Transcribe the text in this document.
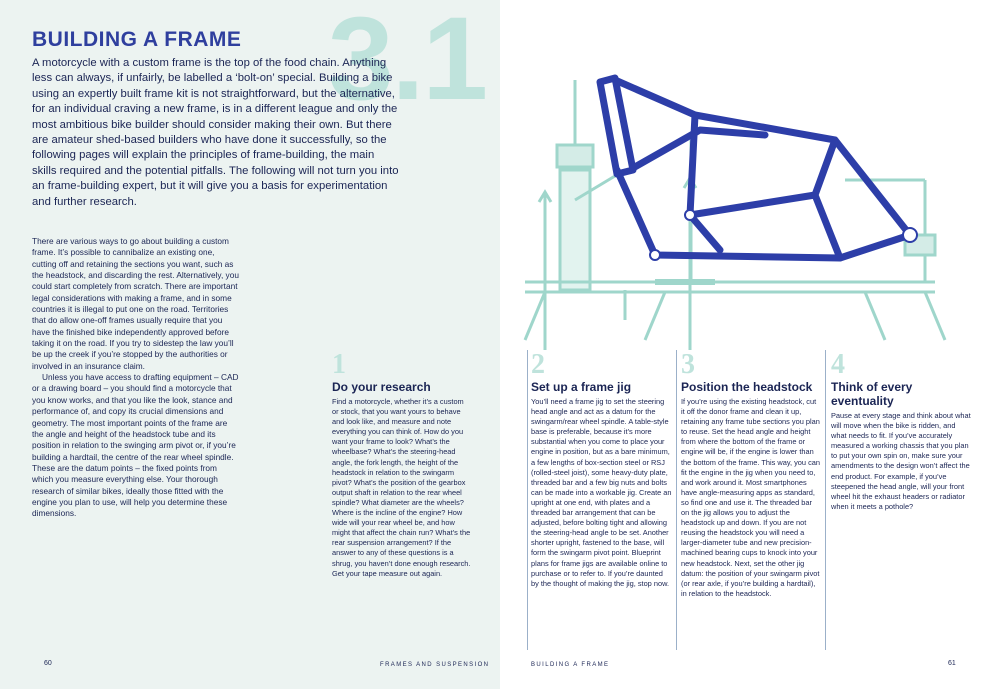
3.1
BUILDING A FRAME

A motorcycle with a custom frame is the top of the food chain. Anything less can always, if unfairly, be labelled a ‘bolt-on’ special. Building a bike using an expertly built frame kit is not straightforward, but the alternative, for an individual craving a new frame, is in a different league and only the most ambitious bike builder should consider making their own. But there are amateur shed-based builders who have done it successfully, so the following pages will explain the principles of frame-building, the main skills required and the potential pitfalls. The following will not turn you into an frame-building expert, but it will give you a basis for experimentation and further research.

There are various ways to go about building a custom frame. It’s possible to cannibalize an existing one, cutting off and retaining the sections you want, such as the headstock, and discarding the rest. Alternatively, you could start completely from scratch. There are important legal considerations with making a frame, and in some countries it is illegal to put one on the road. Territories that do allow one-off frames usually require that you have the finished bike independently approved before taking it on the road. If you try to sidestep the law you’ll be up the creek if you’re stopped by the authorities or involved in an insurance claim.

Unless you have access to drafting equipment – CAD or a drawing board – you should find a motorcycle that you know works, and that you like the look, stance and performance of, and copy its crucial dimensions and geometry. The most important points of the frame are the angle and height of the headstock tube and its position in relation to the swinging arm pivot or, if you’re building a hardtail, the centre of the rear wheel spindle. These are the datum points – the fixed points from which you measure everything else. Your thorough research of similar bikes, ideally those fitted with the engine you plan to use, will help you determine these dimensions.

1

Do your research

Find a motorcycle, whether it’s a custom or stock, that you want yours to behave and look like, and measure and note everything you can think of. How do you want your frame to look? What’s the wheelbase? What’s the steering-head angle, the fork length, the height of the headstock in relation to the swingarm pivot? What’s the position of the gearbox output shaft in relation to the rear wheel spindle? What diameter are the wheels? Where is the incline of the engine? How wide will your rear wheel be, and how might that affect the chain run? What’s the rear suspension arrangement? If the answer to any of these questions is a shrug, you haven’t done enough research. Get your tape measure out again.

2

Set up a frame jig

You’ll need a frame jig to set the steering head angle and act as a datum for the swingarm/rear wheel spindle. A table-style base is preferable, because it’s more substantial when you come to place your engine in position, but as a bare minimum, a few lengths of box-section steel or RSJ (rolled-steel joist), some heavy-duty plate, threaded bar and a few big nuts and bolts can be made into a workable jig. Create an upright at one end, with plates and a threaded bar arrangement that can be adjusted, before bolting tight and allowing the steering-head angle to be set. Another shorter upright, fastened to the base, will form the swingarm pivot point. Blueprint plans for frame jigs are available online to purchase or to refer to. If you’re daunted by the thought of making the jig, stop now.

3

Position the headstock

If you’re using the existing headstock, cut it off the donor frame and clean it up, retaining any frame tube sections you plan to reuse. Set the head angle and height from where the bottom of the frame or engine will be, if the engine is lower than the bottom of the frame. This way, you can fit the engine in the jig when you need to, and work around it. Most smartphones have angle-measuring apps as standard, so find one and use it. The threaded bar on the jig allows you to adjust the headstock up and down. If you are not reusing the headstock you will need a larger-diameter tube and new precision-machined bearing cups to knock into your new headstock. Next, set the other jig datum: the position of your swingarm pivot (or rear axle, if you’re building a hardtail), in relation to the headstock.

4

Think of every eventuality

Pause at every stage and think about what will move when the bike is ridden, and what needs to fit. If you’ve accurately measured a working chassis that you plan to put your own spin on, make sure your amendments to the design won’t affect the end product. For example, if you’ve steepened the head angle, will your front wheel hit the exhaust headers or radiator when it meets a pothole?

60	FRAMES AND SUSPENSION	BUILDING A FRAME	61
